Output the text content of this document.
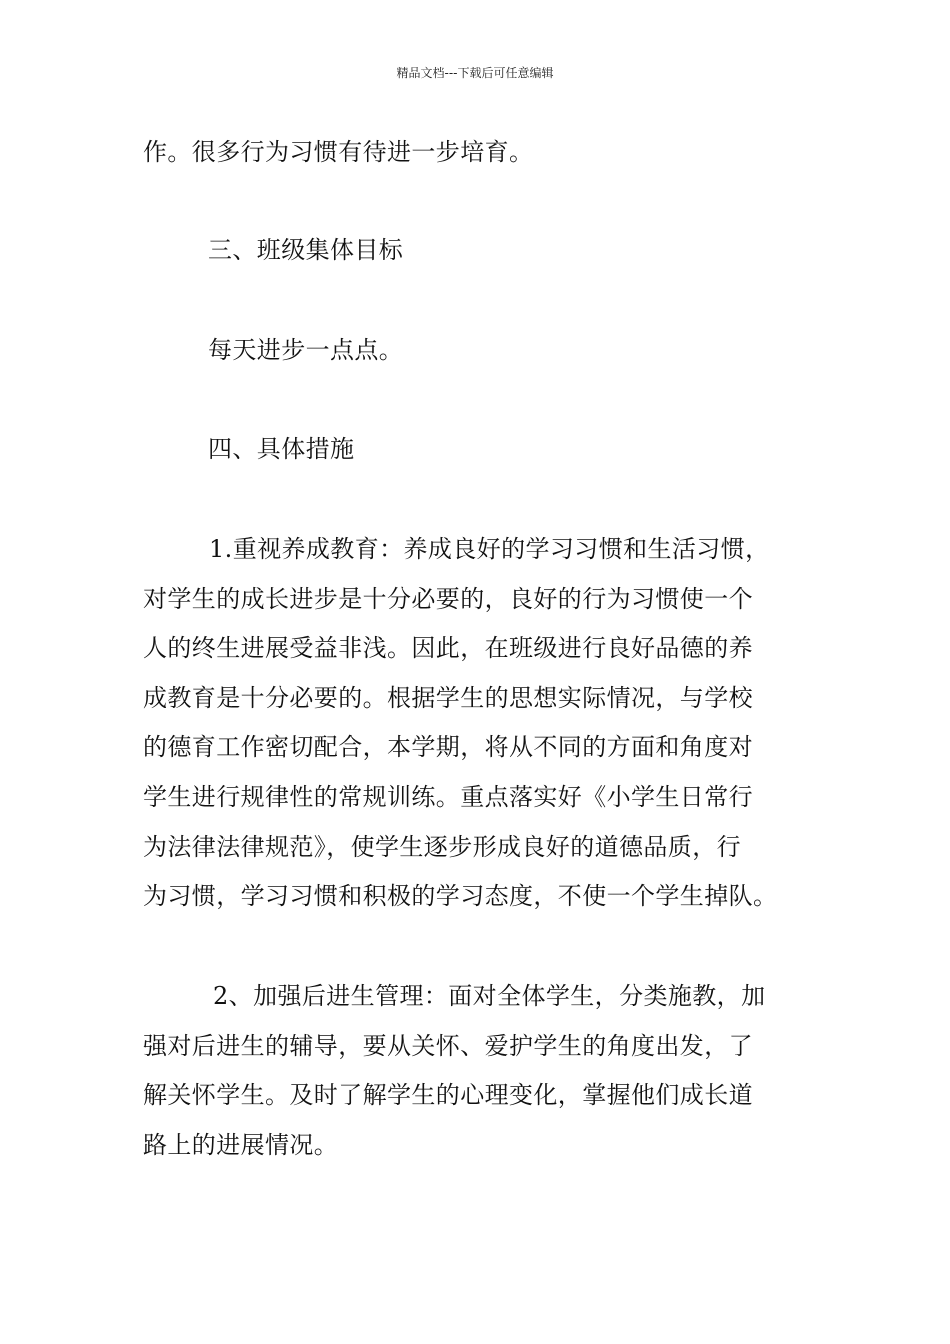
精品文档---下载后可任意编辑
作。很多行为习惯有待进一步培育。
三、班级集体目标
每天进步一点点。
四、具体措施
1.重视养成教育：养成良好的学习习惯和生活习惯，
对学生的成长进步是十分必要的，良好的行为习惯使一个
人的终生进展受益非浅。因此，在班级进行良好品德的养
成教育是十分必要的。根据学生的思想实际情况，与学校
的德育工作密切配合，本学期，将从不同的方面和角度对
学生进行规律性的常规训练。重点落实好《小学生日常行
为法律法律规范》，使学生逐步形成良好的道德品质，行
为习惯，学习习惯和积极的学习态度，不使一个学生掉队。
2、加强后进生管理：面对全体学生，分类施教，加
强对后进生的辅导，要从关怀、爱护学生的角度出发，了
解关怀学生。及时了解学生的心理变化，掌握他们成长道
路上的进展情况。
